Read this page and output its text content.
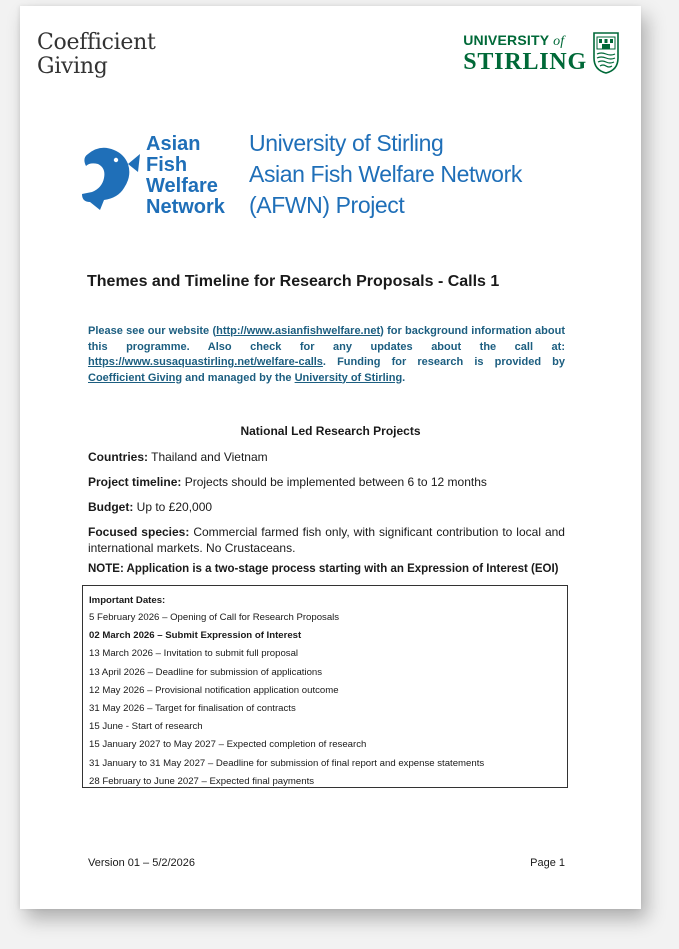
Coefficient
Giving
UNIVERSITY of
STIRLING
Asian
Fish
Welfare
Network
University of Stirling
Asian Fish Welfare Network
(AFWN) Project
Themes and Timeline for Research Proposals - Calls 1
Please see our website (http://www.asianfishwelfare.net) for background information about this programme. Also check for any updates about the call at: https://www.susaquastirling.net/welfare-calls. Funding for research is provided by Coefficient Giving and managed by the University of Stirling.
National Led Research Projects
Countries: Thailand and Vietnam
Project timeline: Projects should be implemented between 6 to 12 months
Budget: Up to £20,000
Focused species: Commercial farmed fish only, with significant contribution to local and international markets. No Crustaceans.
NOTE: Application is a two-stage process starting with an Expression of Interest (EOI)
Important Dates:
5 February 2026 – Opening of Call for Research Proposals
02 March 2026 – Submit Expression of Interest
13 March 2026 – Invitation to submit full proposal
13 April 2026 – Deadline for submission of applications
12 May 2026 – Provisional notification application outcome
31 May 2026 – Target for finalisation of contracts
15 June - Start of research
15 January 2027 to May 2027 – Expected completion of research
31 January to 31 May 2027 – Deadline for submission of final report and expense statements
28 February to June 2027 – Expected final payments
Version 01 – 5/2/2026	Page 1
